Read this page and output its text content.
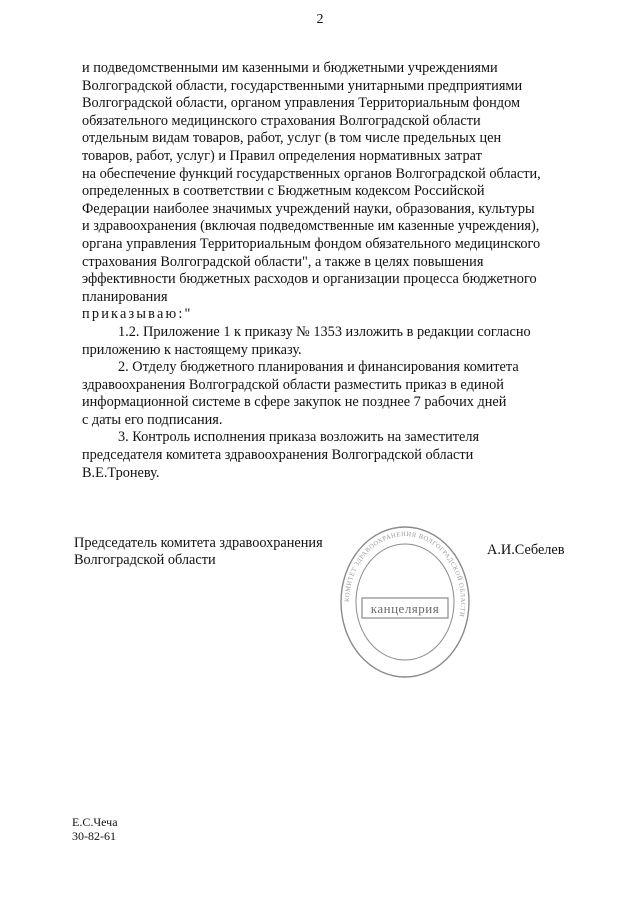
2

и подведомственными им казенными и бюджетными учреждениями

Волгоградской области, государственными унитарными предприятиями

Волгоградской области, органом управления Территориальным фондом

обязательного медицинского страхования Волгоградской области

отдельным видам товаров, работ, услуг (в том числе предельных цен

товаров, работ, услуг) и Правил определения нормативных затрат

на обеспечение функций государственных органов Волгоградской области,

определенных в соответствии с Бюджетным кодексом Российской

Федерации наиболее значимых учреждений науки, образования, культуры

и здравоохранения (включая подведомственные им казенные учреждения),

органа управления Территориальным фондом обязательного медицинского

страхования Волгоградской области", а также в целях повышения

эффективности бюджетных расходов и организации процесса бюджетного

планирования

приказываю:"

1.2. Приложение 1 к приказу № 1353 изложить в редакции согласно

приложению к настоящему приказу.

2. Отделу бюджетного планирования и финансирования комитета

здравоохранения Волгоградской области разместить приказ в единой

информационной системе в сфере закупок не позднее 7 рабочих дней

с даты его подписания.

3. Контроль исполнения приказа возложить на заместителя

председателя комитета здравоохранения Волгоградской области

В.Е.Троневу.

Председатель комитета здравоохранения
Волгоградской области
А.И.Себелев
КОМИТЕТ ЗДРАВООХРАНЕНИЯ ВОЛГОГРАДСКОЙ ОБЛАСТИ
канцелярия
Е.С.Чеча
30-82-61
